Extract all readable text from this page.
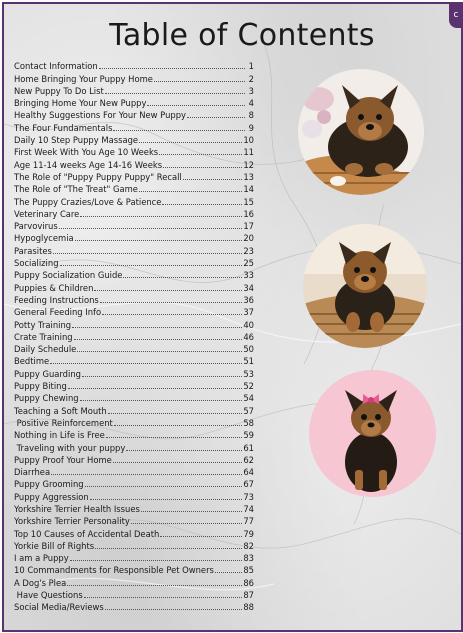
c
Table of Contents
Contact Information	1
Home Bringing Your Puppy Home	2
New Puppy To Do List	3
Bringing Home Your New Puppy	4
Healthy Suggestions For Your New Puppy	8
The Four Fundamentals	9
Daily 10 Step Puppy Massage	10
First Week With You Age 10 Weeks	11
Age 11-14 weeks Age 14-16 Weeks	12
The Role of "Puppy Puppy Puppy" Recall	13
The Role of "The Treat" Game	14
The Puppy Crazies/Love & Patience	15
Veterinary Care	16
Parvovirus	17
Hypoglycemia	20
Parasites	23
Socializing	25
Puppy Socialization Guide	33
Puppies & Children	34
Feeding Instructions	36
General Feeding Info	37
Potty Training	40
Crate Training	46
Daily Schedule	50
Bedtime	51
Puppy Guarding	53
Puppy Biting	52
Puppy Chewing	54
Teaching a Soft Mouth	57
Positive Reinforcement	58
Nothing in Life is Free	59
Traveling with your puppy	61
Puppy Proof Your Home	62
Diarrhea	64
Puppy Grooming	67
Puppy Aggression	73
Yorkshire Terrier Health Issues	74
Yorkshire Terrier Personality	77
Top 10 Causes of Accidental Death	79
Yorkie Bill of Rights	82
I am a Puppy	83
10 Commandments for Responsible Pet Owners	85
A Dog's Plea	86
Have Questions	87
Social Media/Reviews	88
